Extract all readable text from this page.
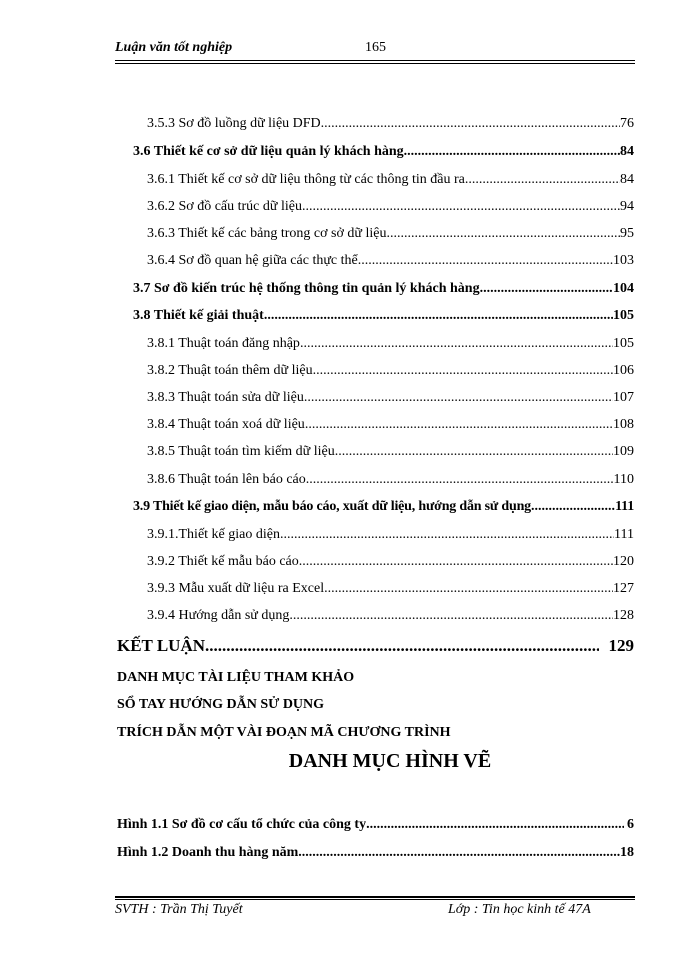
Luận văn tốt nghiệp	165
3.5.3 Sơ đồ luồng dữ liệu DFD .....	76
3.6 Thiết kế cơ sở dữ liệu quản lý khách hàng .....	84
3.6.1 Thiết kế cơ sở dữ liệu thông từ các thông tin đầu ra .....	84
3.6.2 Sơ đồ cấu trúc dữ liệu .....	94
3.6.3 Thiết kế các bảng trong cơ sở dữ liệu .....	95
3.6.4 Sơ đồ quan hệ giữa các thực thể .....	103
3.7 Sơ đồ kiến trúc hệ thống thông tin quản lý khách hàng .....	104
3.8 Thiết kế giải thuật .....	105
3.8.1 Thuật toán đăng nhập .....	105
3.8.2 Thuật toán thêm dữ liệu .....	106
3.8.3 Thuật toán sửa dữ liệu .....	107
3.8.4 Thuật toán xoá dữ liệu .....	108
3.8.5 Thuật toán tìm kiếm dữ liệu .....	109
3.8.6 Thuật toán lên báo cáo .....	110
3.9 Thiết kế giao diện, mẫu báo cáo, xuất dữ liệu, hướng dẫn sử dụng .....	111
3.9.1.Thiết kế giao diện .....	111
3.9.2 Thiết kế mẫu báo cáo .....	120
3.9.3 Mẫu xuất dữ liệu ra Excel .....	127
3.9.4 Hướng dẫn sử dụng .....	128
KẾT LUẬN .....	129
DANH MỤC TÀI LIỆU THAM KHẢO
SỔ TAY HƯỚNG DẪN SỬ DỤNG
TRÍCH DẪN MỘT VÀI ĐOẠN MÃ CHƯƠNG TRÌNH
DANH MỤC HÌNH VẼ
Hình 1.1 Sơ đồ cơ cấu tổ chức của công ty .....	6
Hình 1.2 Doanh thu hàng năm .....	18
SVTH : Trần Thị Tuyết	Lớp : Tin học kinh tế 47A
